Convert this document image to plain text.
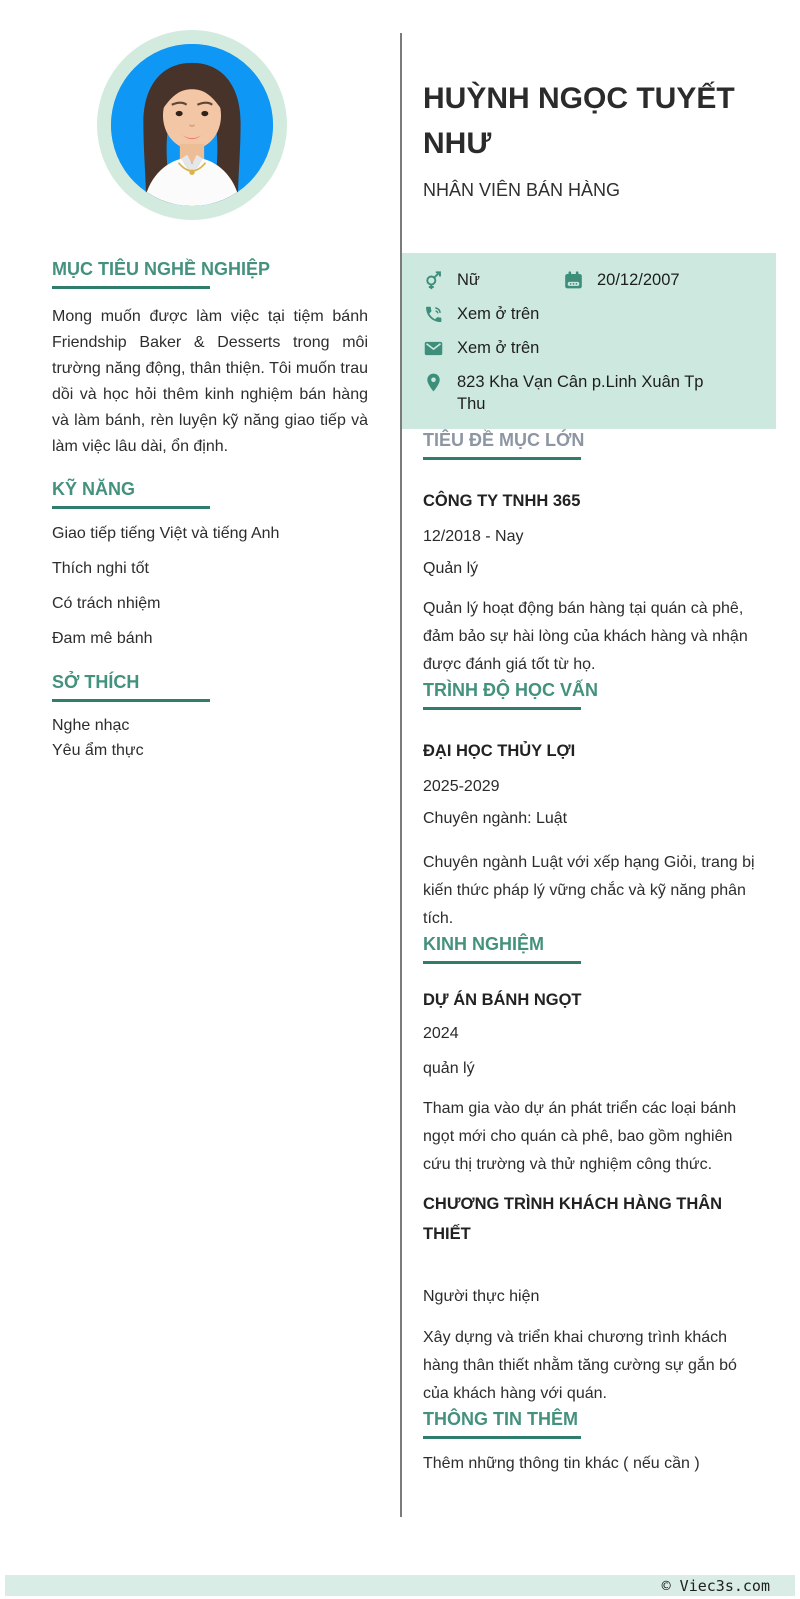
MỤC TIÊU NGHỀ NGHIỆP
Mong muốn được làm việc tại tiệm bánh Friendship Baker & Desserts trong môi trường năng động, thân thiện. Tôi muốn trau dồi và học hỏi thêm kinh nghiệm bán hàng và làm bánh, rèn luyện kỹ năng giao tiếp và làm việc lâu dài, ổn định.
KỸ NĂNG
Giao tiếp tiếng Việt và tiếng Anh
Thích nghi tốt
Có trách nhiệm
Đam mê bánh
SỞ THÍCH
Nghe nhạc
Yêu ẩm thực
HUỲNH NGỌC TUYẾT NHƯ
NHÂN VIÊN BÁN HÀNG
Nữ	20/12/2007
Xem ở trên
Xem ở trên
823 Kha Vạn Cân p.Linh Xuân Tp Thu
TIÊU ĐỀ MỤC LỚN
CÔNG TY TNHH 365
12/2018 - Nay
Quản lý
Quản lý hoạt động bán hàng tại quán cà phê, đảm bảo sự hài lòng của khách hàng và nhận được đánh giá tốt từ họ.
TRÌNH ĐỘ HỌC VẤN
ĐẠI HỌC THỦY LỢI
2025-2029
Chuyên ngành: Luật
Chuyên ngành Luật với xếp hạng Giỏi, trang bị kiến thức pháp lý vững chắc và kỹ năng phân tích.
KINH NGHIỆM
DỰ ÁN BÁNH NGỌT
2024
quản lý
Tham gia vào dự án phát triển các loại bánh ngọt mới cho quán cà phê, bao gồm nghiên cứu thị trường và thử nghiệm công thức.
CHƯƠNG TRÌNH KHÁCH HÀNG THÂN THIẾT
Người thực hiện
Xây dựng và triển khai chương trình khách hàng thân thiết nhằm tăng cường sự gắn bó của khách hàng với quán.
THÔNG TIN THÊM
Thêm những thông tin khác ( nếu cần )
© Viec3s.com
